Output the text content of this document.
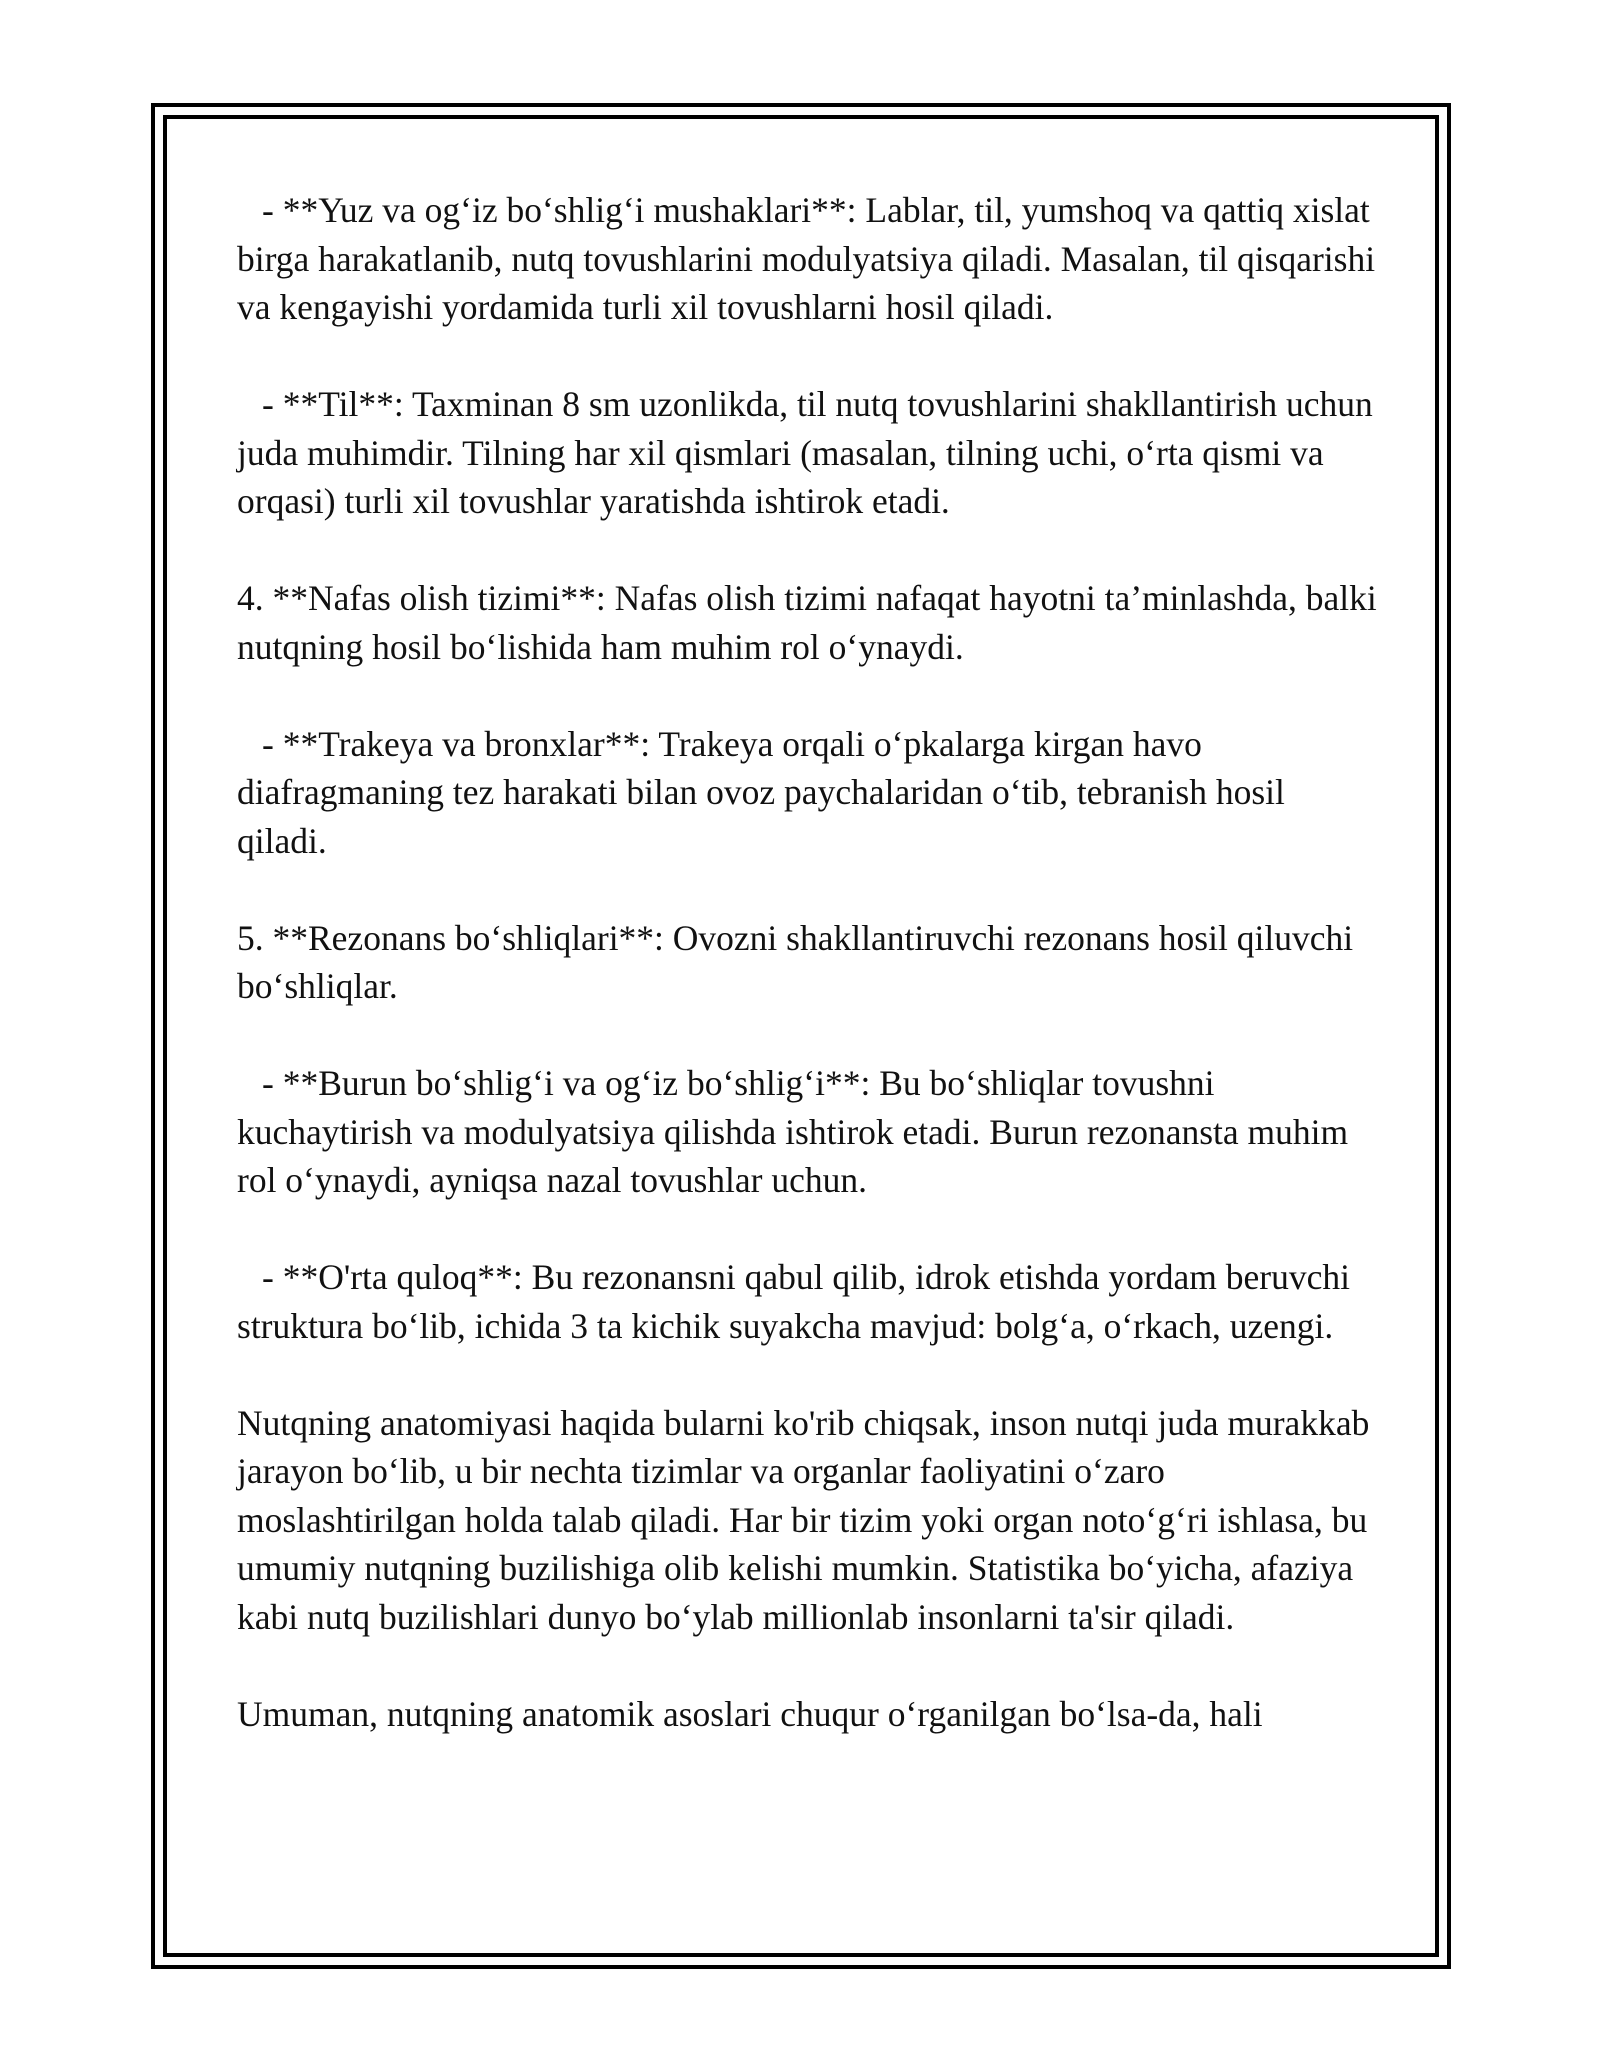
- **Yuz va og‘iz bo‘shlig‘i mushaklari**: Lablar, til, yumshoq va qattiq xislat birga harakatlanib, nutq tovushlarini modulyatsiya qiladi. Masalan, til qisqarishi va kengayishi yordamida turli xil tovushlarni hosil qiladi.

- **Til**: Taxminan 8 sm uzonlikda, til nutq tovushlarini shakllantirish uchun juda muhimdir. Tilning har xil qismlari (masalan, tilning uchi, o‘rta qismi va orqasi) turli xil tovushlar yaratishda ishtirok etadi.

4. **Nafas olish tizimi**: Nafas olish tizimi nafaqat hayotni ta’minlashda, balki nutqning hosil bo‘lishida ham muhim rol o‘ynaydi.

- **Trakeya va bronxlar**: Trakeya orqali o‘pkalarga kirgan havo diafragmaning tez harakati bilan ovoz paychalaridan o‘tib, tebranish hosil qiladi.

5. **Rezonans bo‘shliqlari**: Ovozni shakllantiruvchi rezonans hosil qiluvchi bo‘shliqlar.

- **Burun bo‘shlig‘i va og‘iz bo‘shlig‘i**: Bu bo‘shliqlar tovushni kuchaytirish va modulyatsiya qilishda ishtirok etadi. Burun rezonansta muhim rol o‘ynaydi, ayniqsa nazal tovushlar uchun.

- **O'rta quloq**: Bu rezonansni qabul qilib, idrok etishda yordam beruvchi struktura bo‘lib, ichida 3 ta kichik suyakcha mavjud: bolg‘a, o‘rkach, uzengi.

Nutqning anatomiyasi haqida bularni ko'rib chiqsak, inson nutqi juda murakkab jarayon bo‘lib, u bir nechta tizimlar va organlar faoliyatini o‘zaro moslashtirilgan holda talab qiladi. Har bir tizim yoki organ noto‘g‘ri ishlasa, bu umumiy nutqning buzilishiga olib kelishi mumkin. Statistika bo‘yicha, afaziya kabi nutq buzilishlari dunyo bo‘ylab millionlab insonlarni ta'sir qiladi.

Umuman, nutqning anatomik asoslari chuqur o‘rganilgan bo‘lsa-da, hali
